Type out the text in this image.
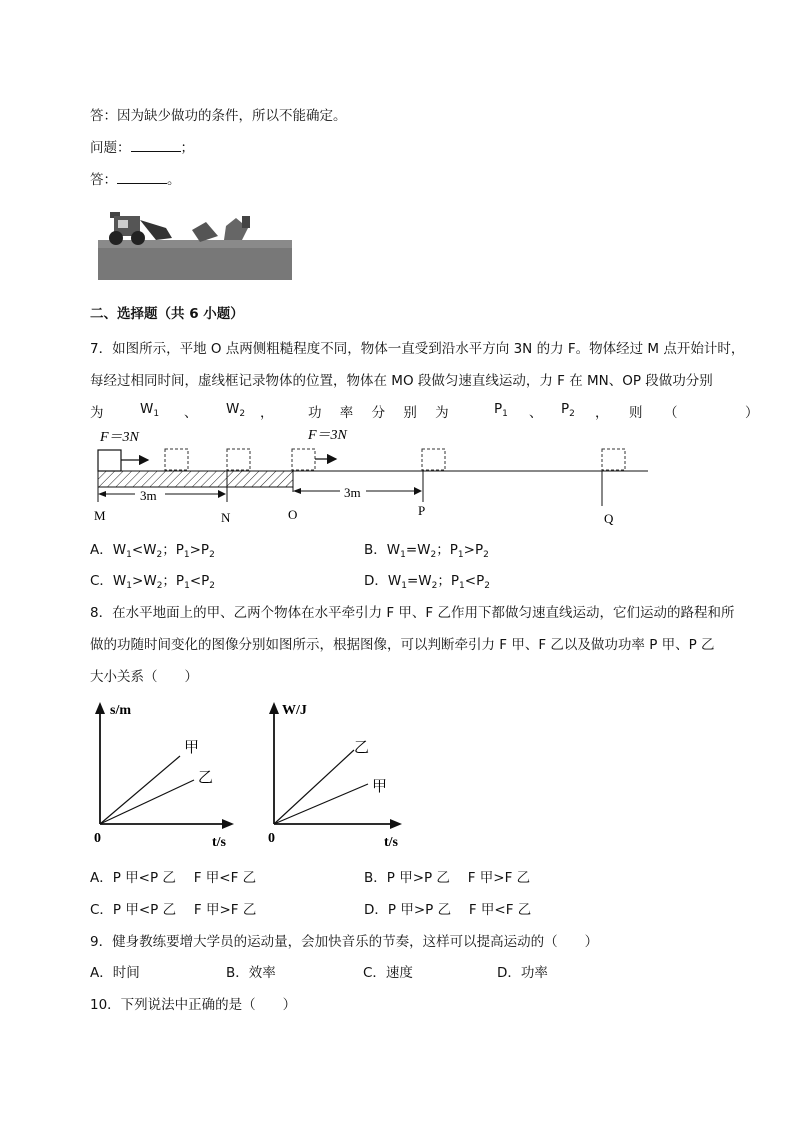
答：因为缺少做功的条件，所以不能确定。
问题：	；
答：	。
二、选择题（共 6 小题）
7．如图所示，平地 O 点两侧粗糙程度不同，物体一直受到沿水平方向 3N 的力 F。物体经过 M 点开始计时，
每经过相同时间，虚线框记录物体的位置，物体在 MO 段做匀速直线运动，力 F 在 MN、OP 段做功分别
为	$W_1$ 、 $W_2$ ，	功 率 分 别 为	$P_1$ 、 $P_2$ ， 则 （　　　　　）
F＝3N	F＝3N
3m	3m
M	N	O	P
Q
A．$W_1<W_2$；$P_1>P_2$	B．$W_1=W_2$；$P_1>P_2$
C．$W_1>W_2$；$P_1<P_2$	D．$W_1=W_2$；$P_1<P_2$
8．在水平地面上的甲、乙两个物体在水平牵引力 F 甲、F 乙作用下都做匀速直线运动，它们运动的路程和所
做的功随时间变化的图像分别如图所示，根据图像，可以判断牵引力 F 甲、F 乙以及做功功率 P 甲、P 乙
大小关系（　　）
s/m
t/s
0
甲
乙
W/J
t/s
0
乙
甲
A．P 甲<P 乙　 F 甲<F 乙	B．P 甲>P 乙　 F 甲>F 乙
C．P 甲<P 乙　 F 甲>F 乙	D．P 甲>P 乙　 F 甲<F 乙
9．健身教练要增大学员的运动量，会加快音乐的节奏，这样可以提高运动的（　　）
A．时间	B．效率	C．速度	D．功率
10．下列说法中正确的是（　　）
